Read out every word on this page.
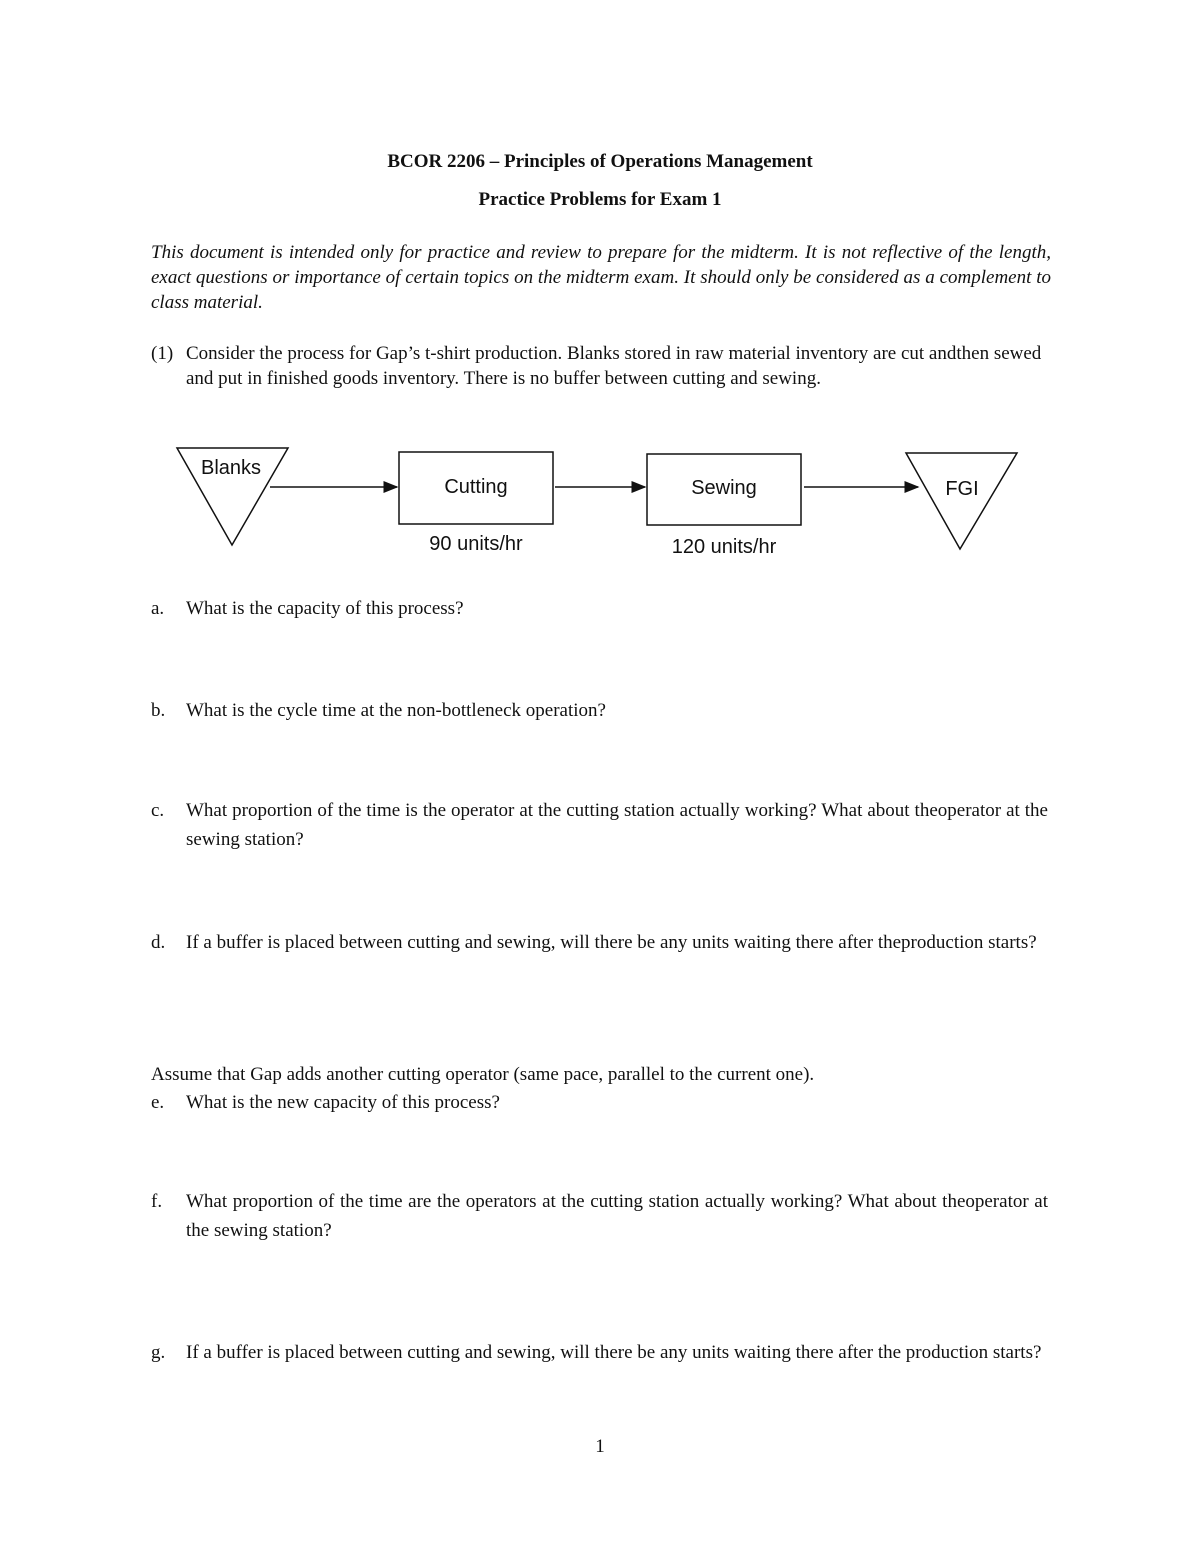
BCOR 2206 – Principles of Operations Management
Practice Problems for Exam 1
This document is intended only for practice and review to prepare for the midterm. It is not reflective of the length, exact questions or importance of certain topics on the midterm exam. It should only be considered as a complement to class material.
(1) Consider the process for Gap’s t-shirt production. Blanks stored in raw material inventory are cut andthen sewed and put in finished goods inventory. There is no buffer between cutting and sewing.
Blanks
Cutting
90 units/hr
Sewing
120 units/hr
FGI
a. What is the capacity of this process?
b. What is the cycle time at the non-bottleneck operation?
c. What proportion of the time is the operator at the cutting station actually working? What about theoperator at the sewing station?
d. If a buffer is placed between cutting and sewing, will there be any units waiting there after theproduction starts?
Assume that Gap adds another cutting operator (same pace, parallel to the current one).
e. What is the new capacity of this process?
f. What proportion of the time are the operators at the cutting station actually working? What about theoperator at the sewing station?
g. If a buffer is placed between cutting and sewing, will there be any units waiting there after the production starts?
1
